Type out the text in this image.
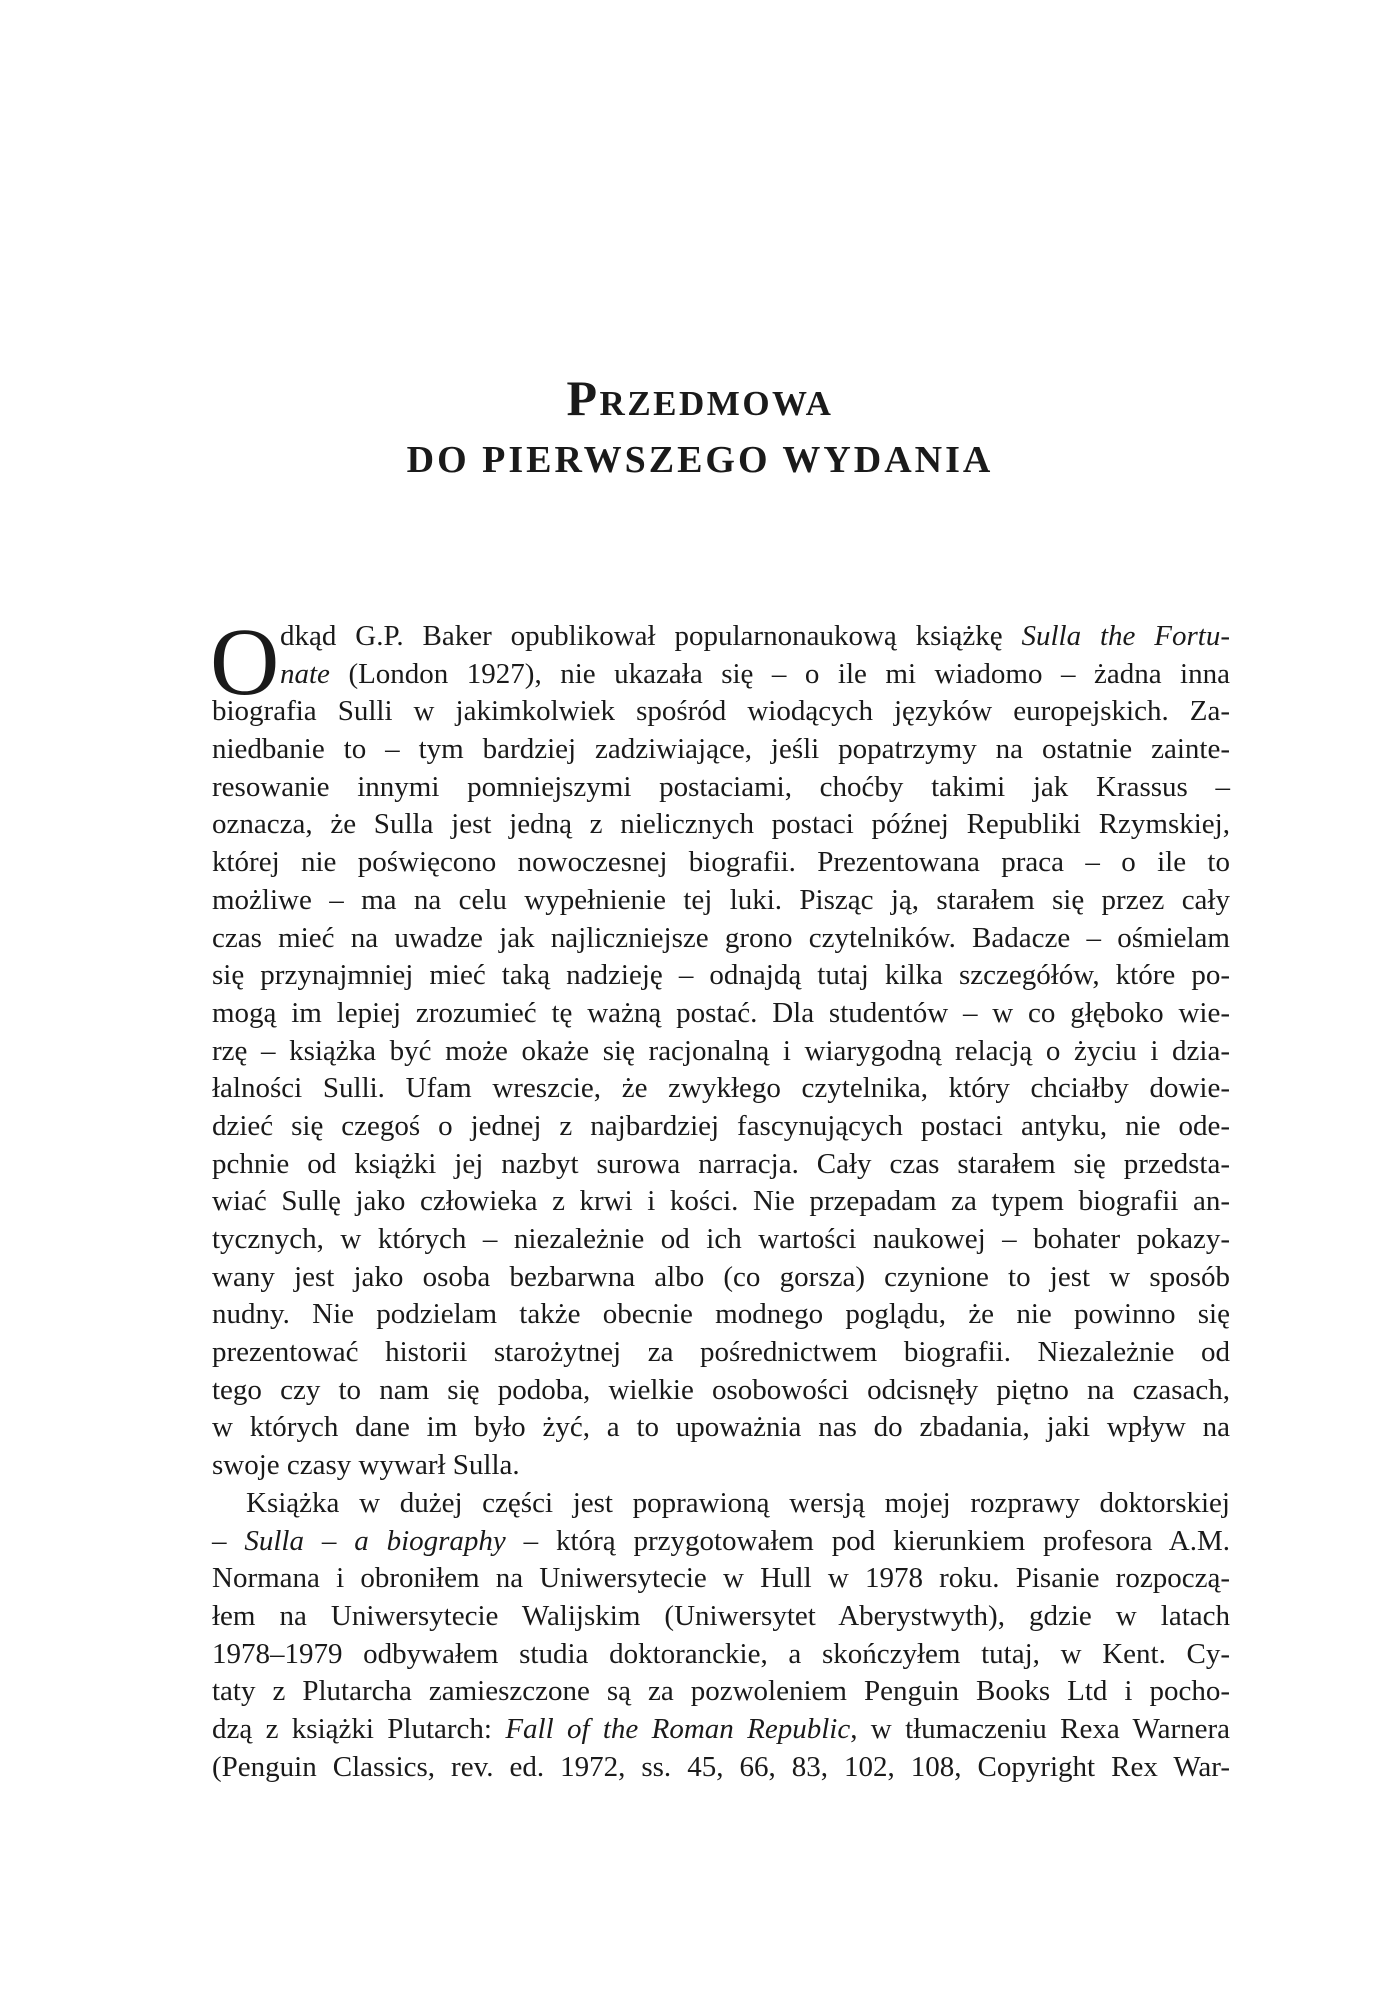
Przedmowa
DO PIERWSZEGO WYDANIA
O dkąd G.P. Baker opublikował popularnonaukową książkę Sulla the Fortu-
nate (London 1927), nie ukazała się – o ile mi wiadomo – żadna inna
biografia Sulli w jakimkolwiek spośród wiodących języków europejskich. Za-
niedbanie to – tym bardziej zadziwiające, jeśli popatrzymy na ostatnie zainte-
resowanie innymi pomniejszymi postaciami, choćby takimi jak Krassus –
oznacza, że Sulla jest jedną z nielicznych postaci późnej Republiki Rzymskiej,
której nie poświęcono nowoczesnej biografii. Prezentowana praca – o ile to
możliwe – ma na celu wypełnienie tej luki. Pisząc ją, starałem się przez cały
czas mieć na uwadze jak najliczniejsze grono czytelników. Badacze – ośmielam
się przynajmniej mieć taką nadzieję – odnajdą tutaj kilka szczegółów, które po-
mogą im lepiej zrozumieć tę ważną postać. Dla studentów – w co głęboko wie-
rzę – książka być może okaże się racjonalną i wiarygodną relacją o życiu i dzia-
łalności Sulli. Ufam wreszcie, że zwykłego czytelnika, który chciałby dowie-
dzieć się czegoś o jednej z najbardziej fascynujących postaci antyku, nie ode-
pchnie od książki jej nazbyt surowa narracja. Cały czas starałem się przedsta-
wiać Sullę jako człowieka z krwi i kości. Nie przepadam za typem biografii an-
tycznych, w których – niezależnie od ich wartości naukowej – bohater pokazy-
wany jest jako osoba bezbarwna albo (co gorsza) czynione to jest w sposób
nudny. Nie podzielam także obecnie modnego poglądu, że nie powinno się
prezentować historii starożytnej za pośrednictwem biografii. Niezależnie od
tego czy to nam się podoba, wielkie osobowości odcisnęły piętno na czasach,
w których dane im było żyć, a to upoważnia nas do zbadania, jaki wpływ na
swoje czasy wywarł Sulla.
Książka w dużej części jest poprawioną wersją mojej rozprawy doktorskiej
– Sulla – a biography – którą przygotowałem pod kierunkiem profesora A.M.
Normana i obroniłem na Uniwersytecie w Hull w 1978 roku. Pisanie rozpoczą-
łem na Uniwersytecie Walijskim (Uniwersytet Aberystwyth), gdzie w latach
1978–1979 odbywałem studia doktoranckie, a skończyłem tutaj, w Kent. Cy-
taty z Plutarcha zamieszczone są za pozwoleniem Penguin Books Ltd i pocho-
dzą z książki Plutarch: Fall of the Roman Republic, w tłumaczeniu Rexa Warnera
(Penguin Classics, rev. ed. 1972, ss. 45, 66, 83, 102, 108, Copyright Rex War-
